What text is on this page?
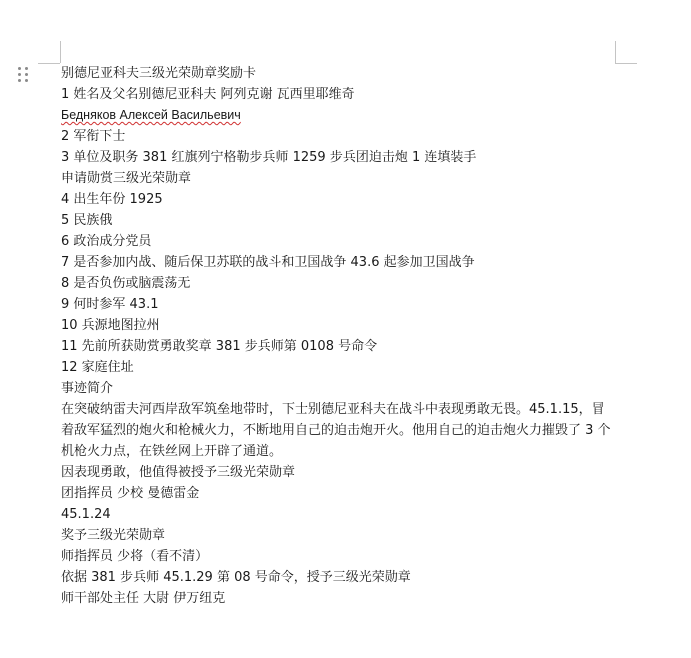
别德尼亚科夫三级光荣勋章奖励卡
1 姓名及父名别德尼亚科夫 阿列克谢 瓦西里耶维奇
Бедняков Алексей Васильевич
2 军衔下士
3 单位及职务 381 红旗列宁格勒步兵师 1259 步兵团迫击炮 1 连填装手
申请勋赏三级光荣勋章
4 出生年份 1925
5 民族俄
6 政治成分党员
7 是否参加内战、随后保卫苏联的战斗和卫国战争 43.6 起参加卫国战争
8 是否负伤或脑震荡无
9 何时参军 43.1
10 兵源地图拉州
11 先前所获勋赏勇敢奖章 381 步兵师第 0108 号命令
12 家庭住址
事迹简介
在突破纳雷夫河西岸敌军筑垒地带时，下士别德尼亚科夫在战斗中表现勇敢无畏。45.1.15，冒着敌军猛烈的炮火和枪械火力，不断地用自己的迫击炮开火。他用自己的迫击炮火力摧毁了 3 个机枪火力点，在铁丝网上开辟了通道。
因表现勇敢，他值得被授予三级光荣勋章
团指挥员 少校 曼德雷金
45.1.24
奖予三级光荣勋章
师指挥员 少将（看不清）
依据 381 步兵师 45.1.29 第 08 号命令，授予三级光荣勋章
师干部处主任 大尉 伊万纽克
